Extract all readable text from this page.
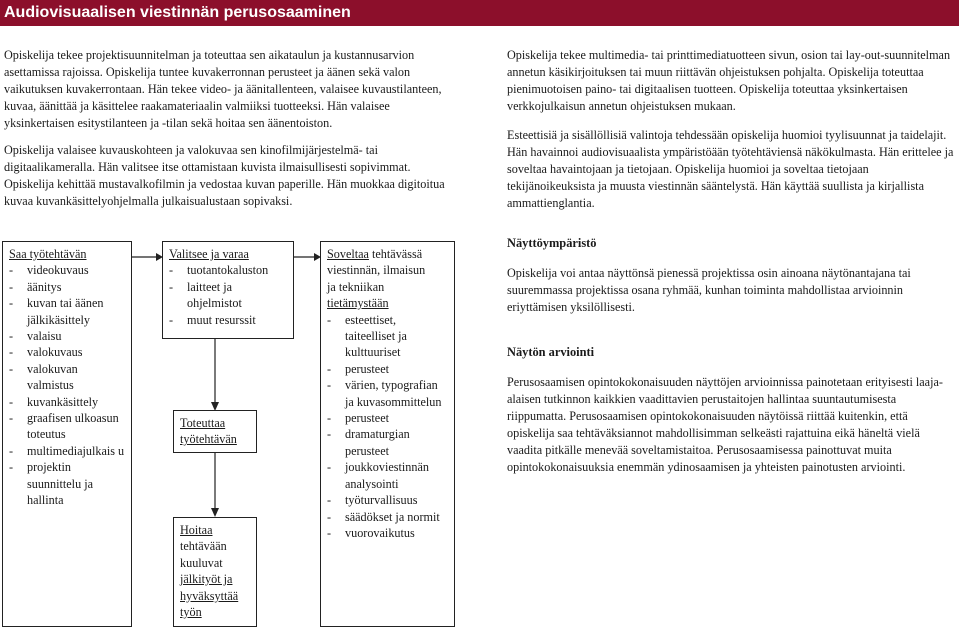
Audiovisuaalisen viestinnän perusosaaminen

Opiskelija tekee projektisuunnitelman ja toteuttaa sen aikataulun ja kustannusarvion asettamissa rajoissa. Opiskelija tuntee kuvakerronnan perusteet ja äänen sekä valon vaikutuksen kuvakerrontaan. Hän tekee video- ja äänitallenteen, valaisee kuvaustilanteen, kuvaa, äänittää ja käsittelee raakamateriaalin valmiiksi tuotteeksi. Hän valaisee yksinkertaisen esitystilanteen ja -tilan sekä hoitaa sen äänentoiston.

Opiskelija valaisee kuvauskohteen ja valokuvaa sen kinofilmijärjestelmä- tai digitaalikameralla. Hän valitsee itse ottamistaan kuvista ilmaisullisesti sopivimmat. Opiskelija kehittää mustavalkofilmin ja vedostaa kuvan paperille. Hän muokkaa digitoitua kuvaa kuvankäsittelyohjelmalla julkaisualustaan sopivaksi.

Opiskelija tekee multimedia- tai printtimediatuotteen sivun, osion tai lay-out-suunnitelman annetun käsikirjoituksen tai muun riittävän ohjeistuksen pohjalta. Opiskelija toteuttaa pienimuotoisen paino- tai digitaalisen tuotteen. Opiskelija toteuttaa yksinkertaisen verkkojulkaisun annetun ohjeistuksen mukaan.

Esteettisiä ja sisällöllisiä valintoja tehdessään opiskelija huomioi tyylisuunnat ja taidelajit. Hän havainnoi audiovisuaalista ympäristöään työtehtäviensä näkökulmasta. Hän erittelee ja soveltaa havaintojaan ja tietojaan. Opiskelija huomioi ja soveltaa tietojaan tekijänoikeuksista ja muusta viestinnän sääntelystä. Hän käyttää suullista ja kirjallista ammattienglantia.

Saa työtehtävän
- videokuvaus
- äänitys
- kuvan tai äänen jälkikäsittely
- valaisu
- valokuvaus
- valokuvan valmistus
- kuvankäsittely
- graafisen ulkoasun toteutus
- multimediajulkais u
- projektin suunnittelu ja hallinta
Valitsee ja varaa
- tuotantokaluston
- laitteet ja ohjelmistot
- muut resurssit
Toteuttaa
työtehtävän
Hoitaa
tehtävään
kuuluvat
jälkityöt ja
hyväksyttää
työn
Soveltaa tehtävässä
viestinnän, ilmaisun
ja tekniikan
tietämystään
- esteettiset, taiteelliset ja kulttuuriset
- perusteet
- värien, typografian ja kuvasommittelun
- perusteet
- dramaturgian perusteet
- joukkoviestinnän analysointi
- työturvallisuus
- säädökset ja normit
- vuorovaikutus
Näyttöympäristö

Opiskelija voi antaa näyttönsä pienessä projektissa osin ainoana näytönantajana tai suuremmassa projektissa osana ryhmää, kunhan toiminta mahdollistaa arvioinnin eriyttämisen yksilöllisesti.

Näytön arviointi

Perusosaamisen opintokokonaisuuden näyttöjen arvioinnissa painotetaan erityisesti laaja-alaisen tutkinnon kaikkien vaadittavien perustaitojen hallintaa suuntautumisesta riippumatta. Perusosaamisen opintokokonaisuuden näytöissä riittää kuitenkin, että opiskelija saa tehtäväksiannot mahdollisimman selkeästi rajattuina eikä häneltä vielä vaadita pitkälle menevää soveltamistaitoa. Perusosaamisessa painottuvat muita opintokokonaisuuksia enemmän ydinosaamisen ja yhteisten painotusten arviointi.
